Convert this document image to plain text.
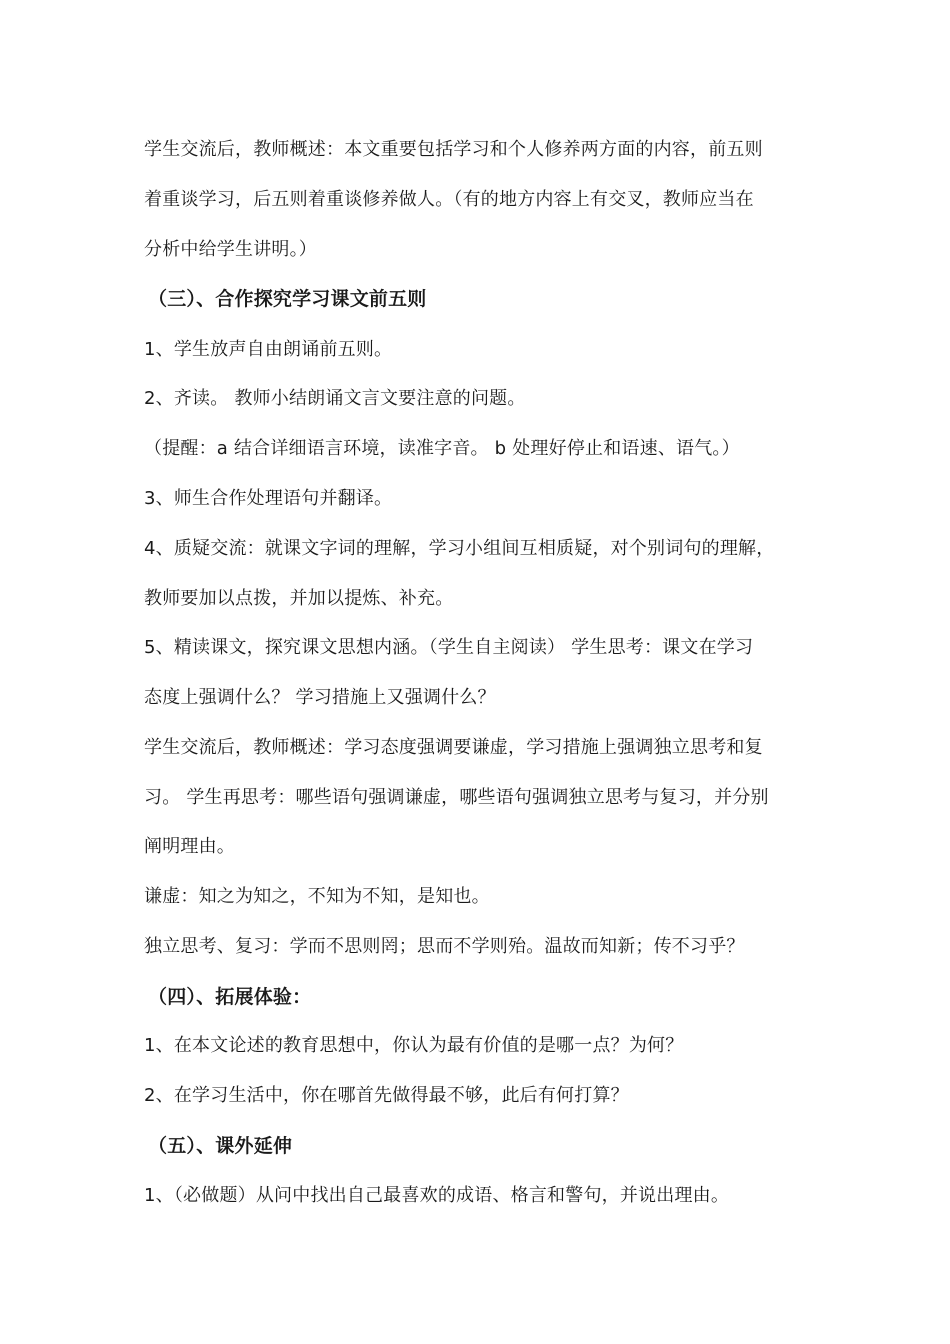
学生交流后，教师概述：本文重要包括学习和个人修养两方面的内容，前五则
着重谈学习，后五则着重谈修养做人。（有的地方内容上有交叉，教师应当在
分析中给学生讲明。）
（三）、合作探究学习课文前五则
1、学生放声自由朗诵前五则。
2、齐读。 教师小结朗诵文言文要注意的问题。
（提醒：a 结合详细语言环境，读准字音。 b 处理好停止和语速、语气。）
3、师生合作处理语句并翻译。
4、质疑交流：就课文字词的理解，学习小组间互相质疑，对个别词句的理解，
教师要加以点拨，并加以提炼、补充。
5、精读课文，探究课文思想内涵。（学生自主阅读） 学生思考：课文在学习
态度上强调什么？ 学习措施上又强调什么？
学生交流后，教师概述：学习态度强调要谦虚，学习措施上强调独立思考和复
习。 学生再思考：哪些语句强调谦虚，哪些语句强调独立思考与复习，并分别
阐明理由。
谦虚：知之为知之，不知为不知，是知也。
独立思考、复习：学而不思则罔；思而不学则殆。温故而知新；传不习乎？
（四）、拓展体验：
1、在本文论述的教育思想中，你认为最有价值的是哪一点？为何？
2、在学习生活中，你在哪首先做得最不够，此后有何打算？
（五）、课外延伸
1、（必做题）从问中找出自己最喜欢的成语、格言和警句，并说出理由。
